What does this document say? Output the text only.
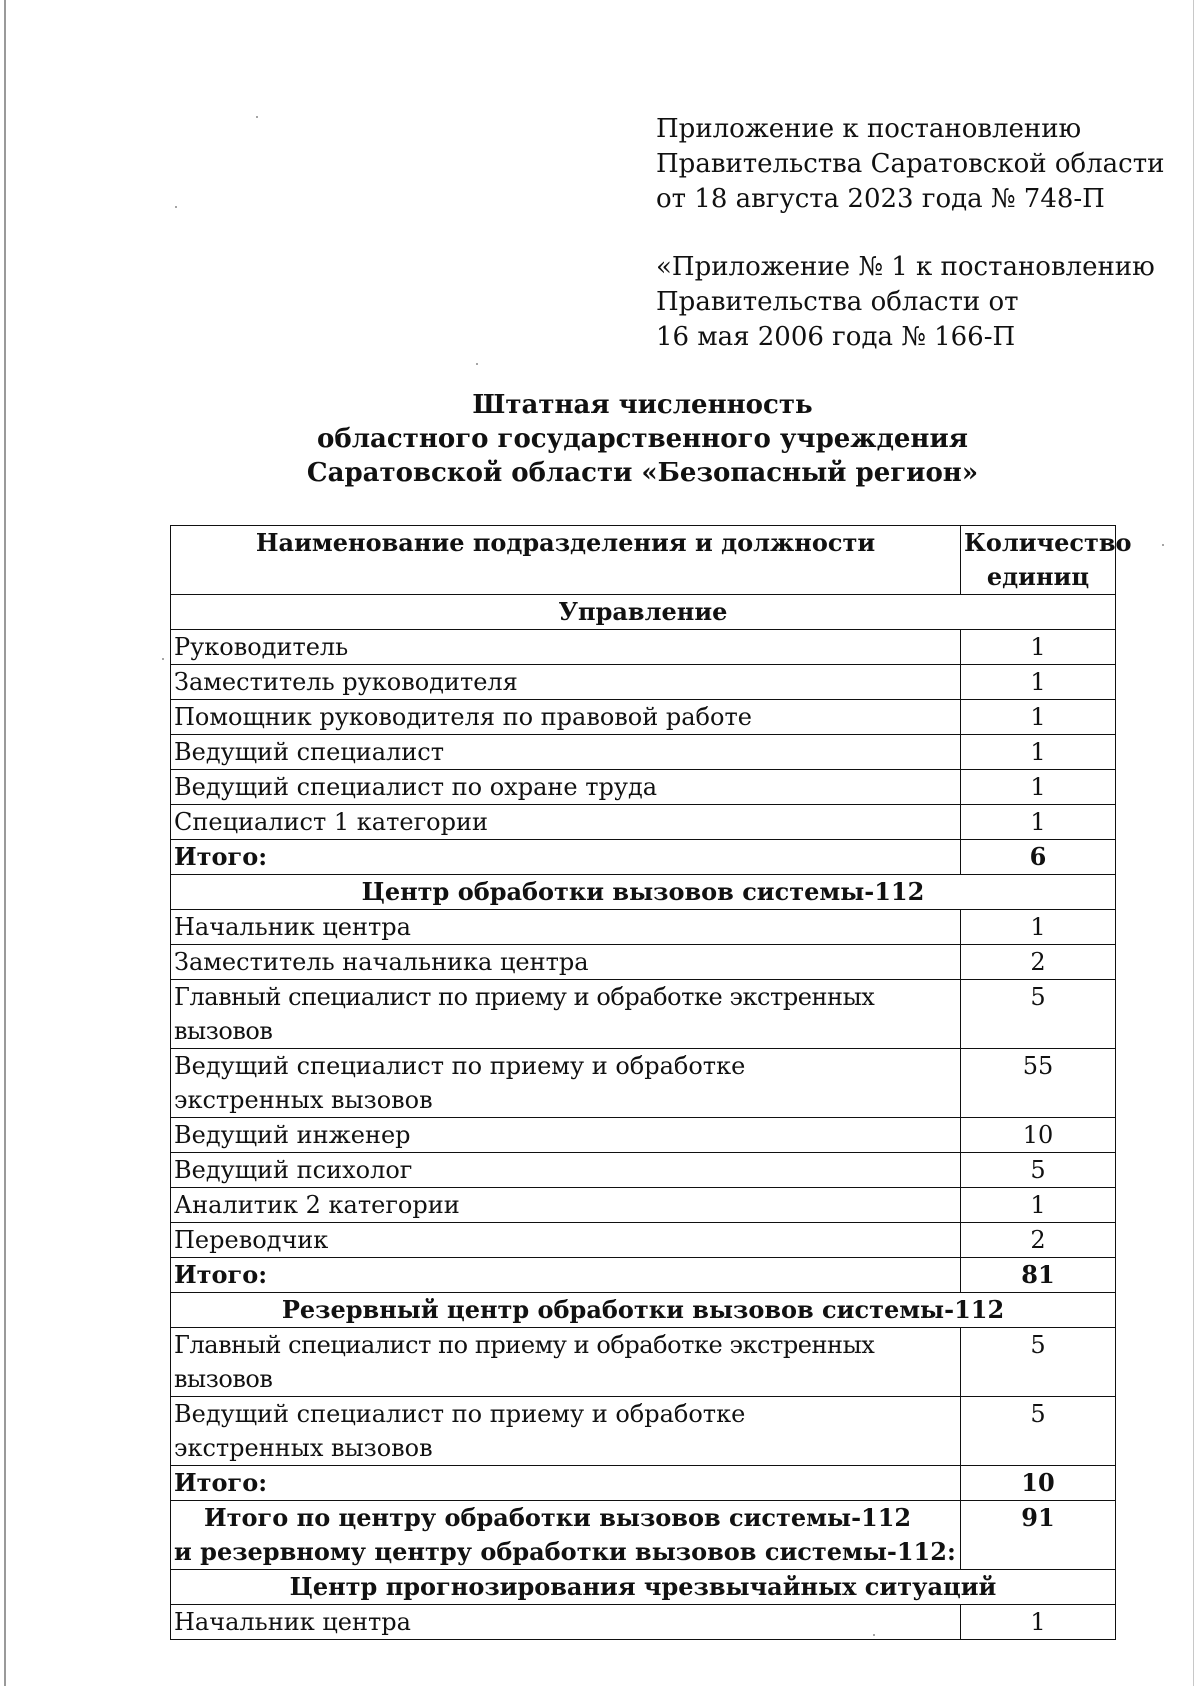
Приложение к постановлению

Правительства Саратовской области

от 18 августа 2023 года № 748-П

«Приложение № 1 к постановлению

Правительства области от

16 мая 2006 года № 166-П

Штатная численность

областного государственного учреждения

Саратовской области «Безопасный регион»

Наименование подразделения и должности	Количество единиц
Управление	
Руководитель	1
Заместитель руководителя	1
Помощник руководителя по правовой работе	1
Ведущий специалист	1
Ведущий специалист по охране труда	1
Специалист 1 категории	1
Итого:	6
Центр обработки вызовов системы-112	
Начальник центра	1
Заместитель начальника центра	2
Главный специалист по приему и обработке экстренных вызовов	5
Ведущий специалист по приему и обработке экстренных вызовов	55
Ведущий инженер	10
Ведущий психолог	5
Аналитик 2 категории	1
Переводчик	2
Итого:	81
Резервный центр обработки вызовов системы-112	
Главный специалист по приему и обработке экстренных вызовов	5
Ведущий специалист по приему и обработке экстренных вызовов	5
Итого:	10
Итого по центру обработки вызовов системы-112
и резервному центру обработки вызовов системы-112:	91
Центр прогнозирования чрезвычайных ситуаций	
Начальник центра	1
